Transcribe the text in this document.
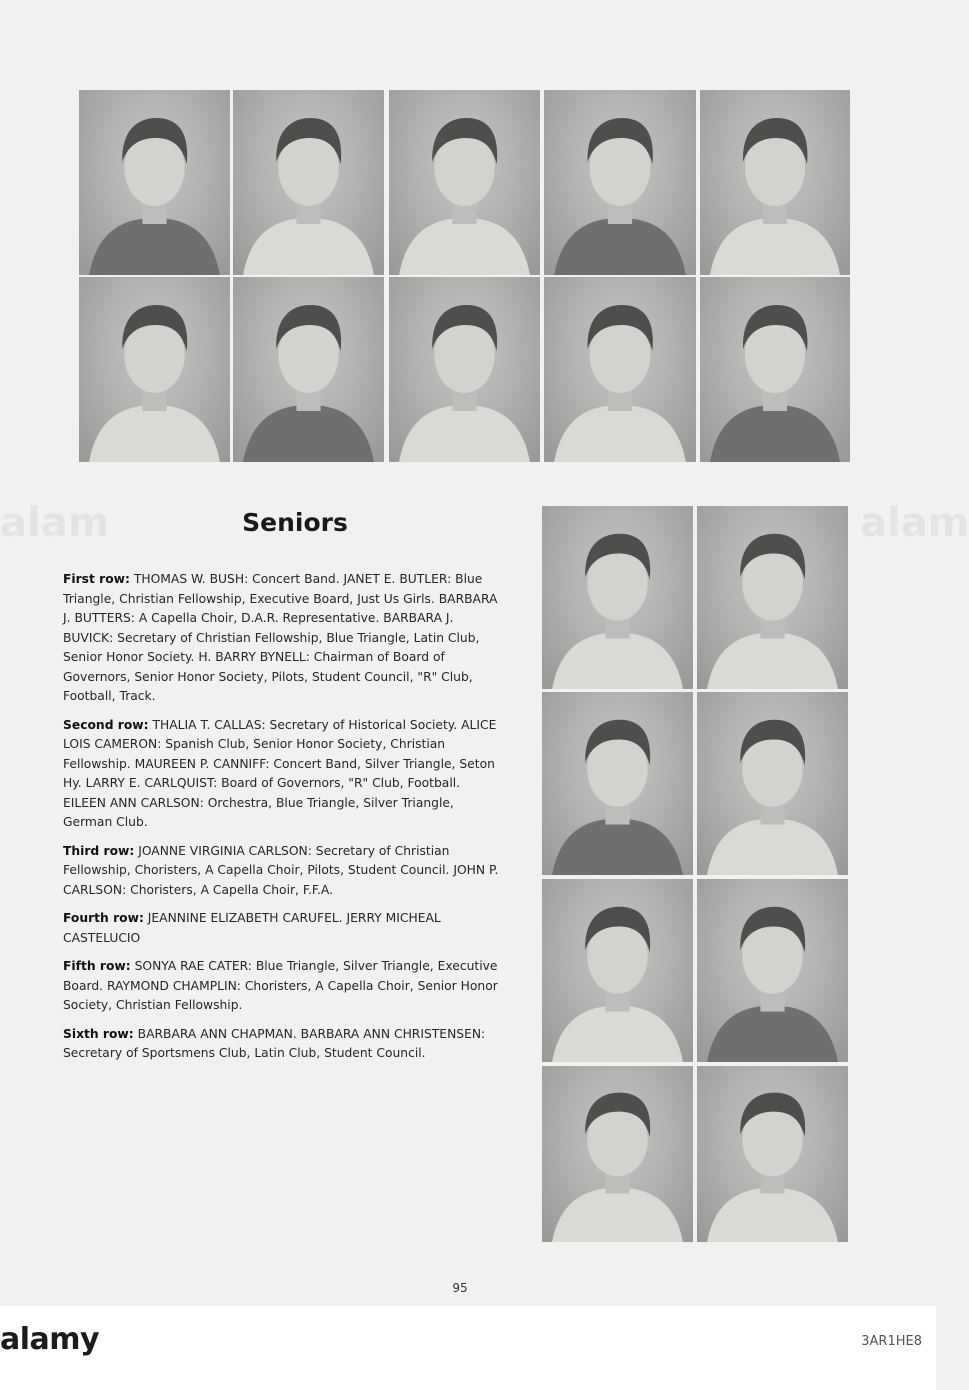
alam	alam
Seniors

First row: THOMAS W. BUSH: Concert Band. JANET E. BUTLER: Blue Triangle, Christian Fellowship, Executive Board, Just Us Girls. BARBARA J. BUTTERS: A Capella Choir, D.A.R. Representative. BARBARA J. BUVICK: Secretary of Christian Fellowship, Blue Triangle, Latin Club, Senior Honor Society. H. BARRY BYNELL: Chairman of Board of Governors, Senior Honor Society, Pilots, Student Council, "R" Club, Football, Track.

Second row: THALIA T. CALLAS: Secretary of Historical Society. ALICE LOIS CAMERON: Spanish Club, Senior Honor Society, Christian Fellowship. MAUREEN P. CANNIFF: Concert Band, Silver Triangle, Seton Hy. LARRY E. CARLQUIST: Board of Governors, "R" Club, Football. EILEEN ANN CARLSON: Orchestra, Blue Triangle, Silver Triangle, German Club.

Third row: JOANNE VIRGINIA CARLSON: Secretary of Christian Fellowship, Choristers, A Capella Choir, Pilots, Student Council. JOHN P. CARLSON: Choristers, A Capella Choir, F.F.A.

Fourth row: JEANNINE ELIZABETH CARUFEL. JERRY MICHEAL CASTELUCIO

Fifth row: SONYA RAE CATER: Blue Triangle, Silver Triangle, Executive Board. RAYMOND CHAMPLIN: Choristers, A Capella Choir, Senior Honor Society, Christian Fellowship.

Sixth row: BARBARA ANN CHAPMAN. BARBARA ANN CHRISTENSEN: Secretary of Sportsmens Club, Latin Club, Student Council.

95
alamy	3AR1HE8
